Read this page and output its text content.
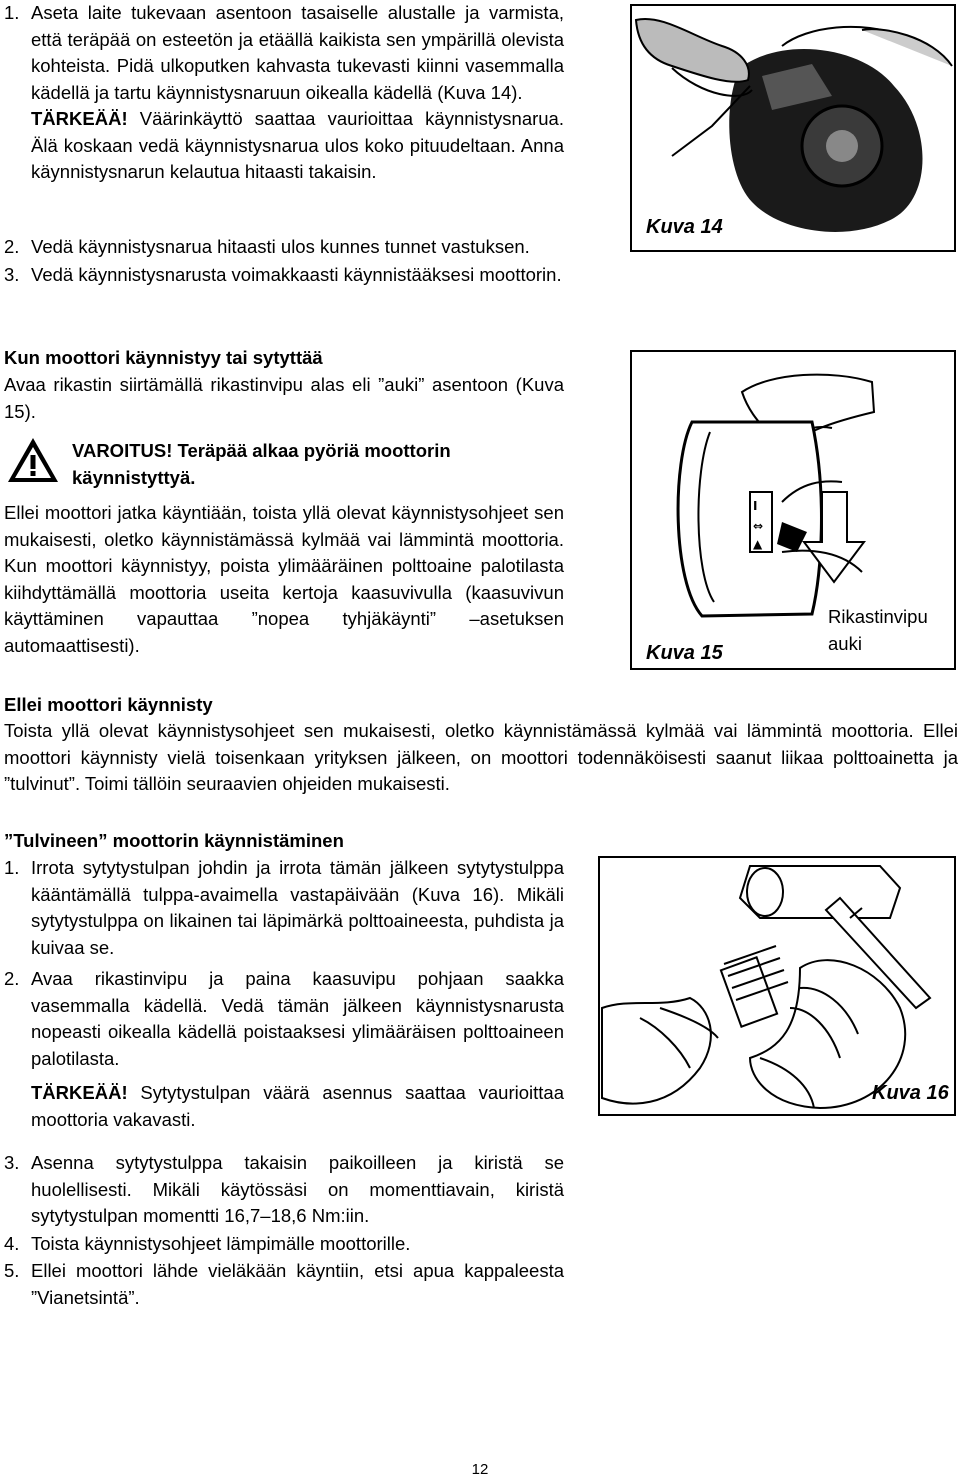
1. Aseta laite tukevaan asentoon tasaiselle alustalle ja varmista, että teräpää on esteetön ja etäällä kaikista sen ympärillä olevista kohteista. Pidä ulkoputken kahvasta tukevasti kiinni vasemmalla kädellä ja tartu käynnistysnaruun oikealla kädellä (Kuva 14).
TÄRKEÄÄ! Väärinkäyttö saattaa vaurioittaa käynnistysnarua. Älä koskaan vedä käynnistysnarua ulos koko pituudeltaan. Anna käynnistysnarun kelautua hitaasti takaisin.
2. Vedä käynnistysnarua hitaasti ulos kunnes tunnet vastuksen.
3. Vedä käynnistysnarusta voimakkaasti käynnistääksesi moottorin.
Kuva 14
Kun moottori käynnistyy tai sytyttää
Avaa rikastin siirtämällä rikastinvipu alas eli ”auki” asentoon (Kuva 15).
VAROITUS! Teräpää alkaa pyöriä moottorin käynnistyttyä.
Ellei moottori jatka käyntiään, toista yllä olevat käynnistysohjeet sen mukaisesti, oletko käynnistämässä kylmää vai lämmintä moottoria. Kun moottori käynnistyy, poista ylimääräinen polttoaine palotilasta kiihdyttämällä moottoria useita kertoja kaasuvivulla (kaasuvivun käyttäminen vapauttaa ”nopea tyhjäkäynti” –asetuksen automaattisesti).
I
⇔
▲
Kuva 15
Rikastinvipu
auki
Ellei moottori käynnisty
Toista yllä olevat käynnistysohjeet sen mukaisesti, oletko käynnistämässä kylmää vai lämmintä moottoria. Ellei moottori käynnisty vielä toisenkaan yrityksen jälkeen, on moottori todennäköisesti saanut liikaa polttoainetta ja ”tulvinut”. Toimi tällöin seuraavien ohjeiden mukaisesti.
”Tulvineen” moottorin käynnistäminen
1. Irrota sytytystulpan johdin ja irrota tämän jälkeen sytytystulppa kääntämällä tulppa-avaimella vastapäivään (Kuva 16). Mikäli sytytystulppa on likainen tai läpimärkä polttoaineesta, puhdista ja kuivaa se.
2. Avaa rikastinvipu ja paina kaasuvipu pohjaan saakka vasemmalla kädellä. Vedä tämän jälkeen käynnistysnarusta nopeasti oikealla kädellä poistaaksesi ylimääräisen polttoaineen palotilasta.
TÄRKEÄÄ! Sytytystulpan väärä asennus saattaa vaurioittaa moottoria vakavasti.
3. Asenna sytytystulppa takaisin paikoilleen ja kiristä se huolellisesti. Mikäli käytössäsi on momenttiavain, kiristä sytytystulpan momentti 16,7–18,6 Nm:iin.
4. Toista käynnistysohjeet lämpimälle moottorille.
5. Ellei moottori lähde vieläkään käyntiin, etsi apua kappaleesta ”Vianetsintä”.
Kuva 16
12
